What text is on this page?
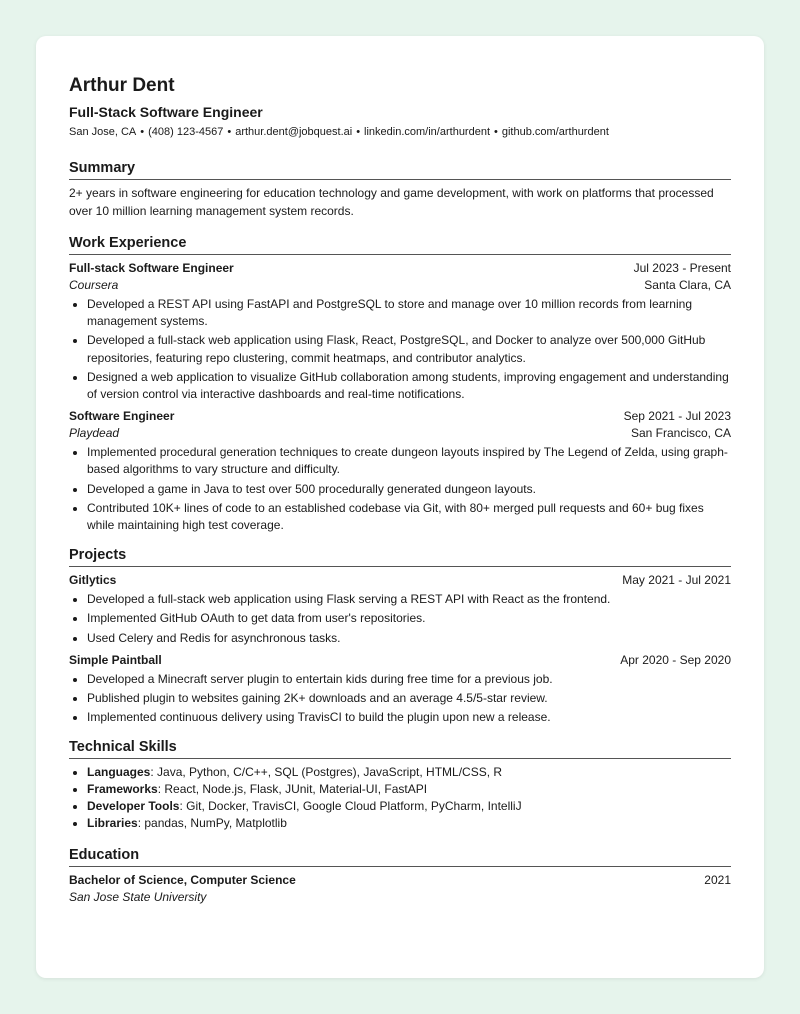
Arthur Dent
Full-Stack Software Engineer
San Jose, CA • (408) 123-4567 • arthur.dent@jobquest.ai • linkedin.com/in/arthurdent • github.com/arthurdent
Summary

2+ years in software engineering for education technology and game development, with work on platforms that processed over 10 million learning management system records.

Work Experience
Full-stack Software Engineer	Jul 2023 - Present
Coursera	Santa Clara, CA
• Developed a REST API using FastAPI and PostgreSQL to store and manage over 10 million records from learning management systems.
• Developed a full-stack web application using Flask, React, PostgreSQL, and Docker to analyze over 500,000 GitHub repositories, featuring repo clustering, commit heatmaps, and contributor analytics.
• Designed a web application to visualize GitHub collaboration among students, improving engagement and understanding of version control via interactive dashboards and real-time notifications.
Software Engineer	Sep 2021 - Jul 2023
Playdead	San Francisco, CA
• Implemented procedural generation techniques to create dungeon layouts inspired by The Legend of Zelda, using graph-based algorithms to vary structure and difficulty.
• Developed a game in Java to test over 500 procedurally generated dungeon layouts.
• Contributed 10K+ lines of code to an established codebase via Git, with 80+ merged pull requests and 60+ bug fixes while maintaining high test coverage.
Projects
Gitlytics	May 2021 - Jul 2021
• Developed a full-stack web application using Flask serving a REST API with React as the frontend.
• Implemented GitHub OAuth to get data from user's repositories.
• Used Celery and Redis for asynchronous tasks.
Simple Paintball	Apr 2020 - Sep 2020
• Developed a Minecraft server plugin to entertain kids during free time for a previous job.
• Published plugin to websites gaining 2K+ downloads and an average 4.5/5-star review.
• Implemented continuous delivery using TravisCI to build the plugin upon new a release.
Technical Skills
• Languages: Java, Python, C/C++, SQL (Postgres), JavaScript, HTML/CSS, R
• Frameworks: React, Node.js, Flask, JUnit, Material-UI, FastAPI
• Developer Tools: Git, Docker, TravisCI, Google Cloud Platform, PyCharm, IntelliJ
• Libraries: pandas, NumPy, Matplotlib
Education
Bachelor of Science, Computer Science	2021
San Jose State University
